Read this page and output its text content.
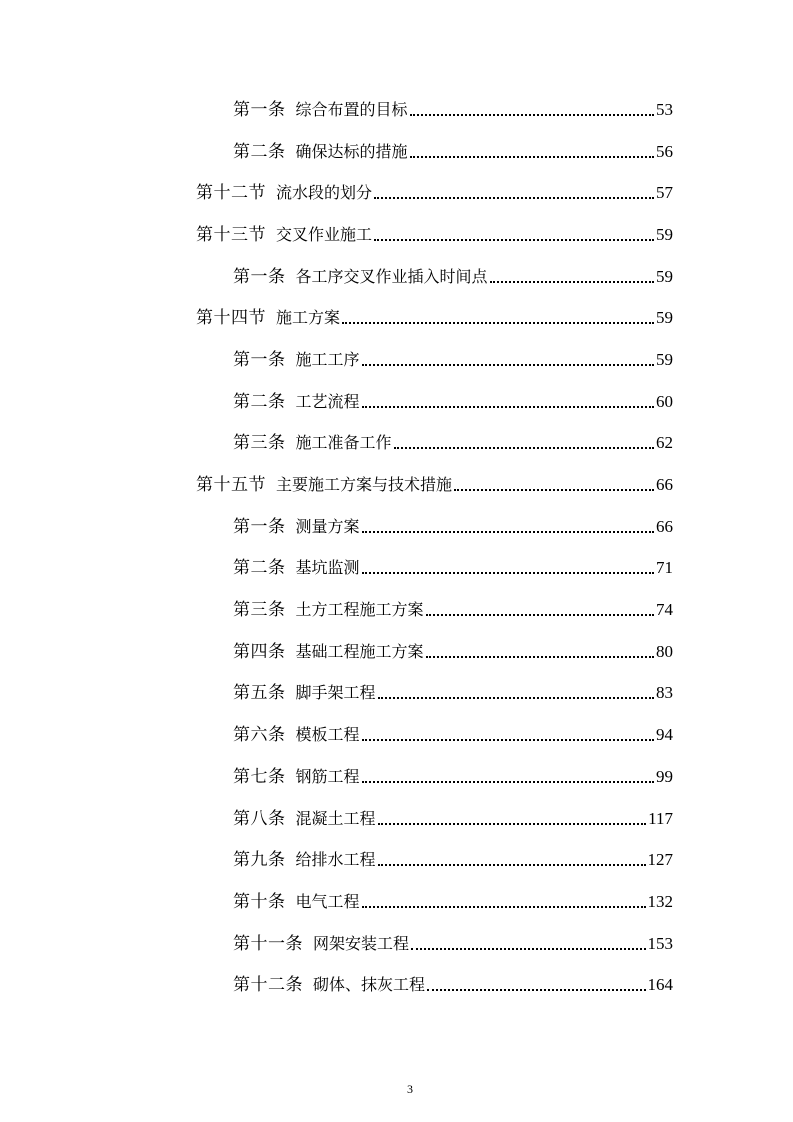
第一条 综合布置的目标	53
第二条 确保达标的措施	56
第十二节 流水段的划分	57
第十三节 交叉作业施工	59
第一条 各工序交叉作业插入时间点	59
第十四节 施工方案	59
第一条 施工工序	59
第二条 工艺流程	60
第三条 施工准备工作	62
第十五节 主要施工方案与技术措施	66
第一条 测量方案	66
第二条 基坑监测	71
第三条 土方工程施工方案	74
第四条 基础工程施工方案	80
第五条 脚手架工程	83
第六条 模板工程	94
第七条 钢筋工程	99
第八条 混凝土工程	117
第九条 给排水工程	127
第十条 电气工程	132
第十一条 网架安装工程	153
第十二条 砌体、抹灰工程	164
3
